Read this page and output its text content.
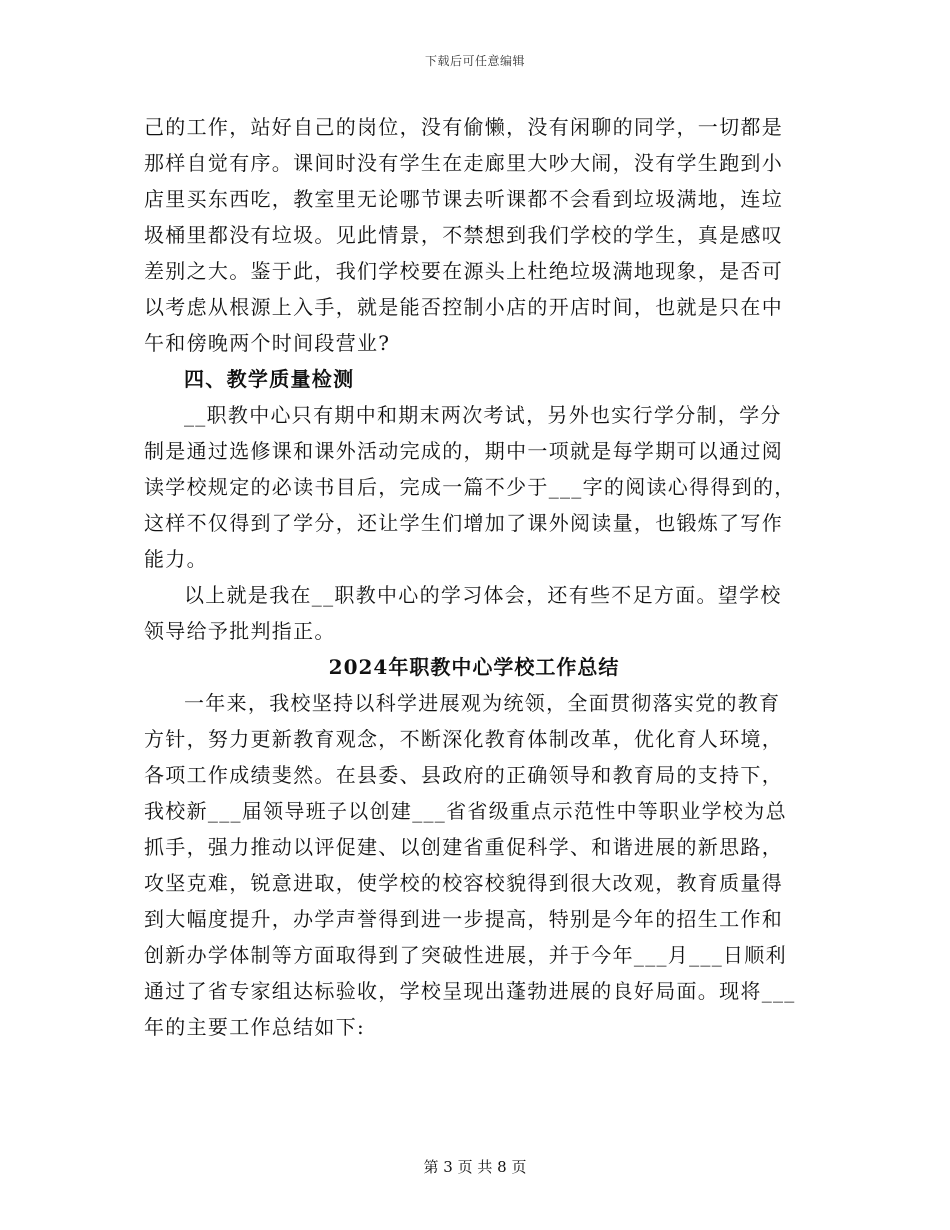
下载后可任意编辑
己的工作，站好自己的岗位，没有偷懒，没有闲聊的同学，一切都是
那样自觉有序。课间时没有学生在走廊里大吵大闹，没有学生跑到小
店里买东西吃，教室里无论哪节课去听课都不会看到垃圾满地，连垃
圾桶里都没有垃圾。见此情景，不禁想到我们学校的学生，真是感叹
差别之大。鉴于此，我们学校要在源头上杜绝垃圾满地现象，是否可
以考虑从根源上入手，就是能否控制小店的开店时间，也就是只在中
午和傍晚两个时间段营业?
四、教学质量检测
__职教中心只有期中和期末两次考试，另外也实行学分制，学分
制是通过选修课和课外活动完成的，期中一项就是每学期可以通过阅
读学校规定的必读书目后，完成一篇不少于___字的阅读心得得到的，
这样不仅得到了学分，还让学生们增加了课外阅读量，也锻炼了写作
能力。
以上就是我在__职教中心的学习体会，还有些不足方面。望学校
领导给予批判指正。
2024年职教中心学校工作总结
一年来，我校坚持以科学进展观为统领，全面贯彻落实党的教育
方针，努力更新教育观念，不断深化教育体制改革，优化育人环境，
各项工作成绩斐然。在县委、县政府的正确领导和教育局的支持下，
我校新___届领导班子以创建___省省级重点示范性中等职业学校为总
抓手，强力推动以评促建、以创建省重促科学、和谐进展的新思路，
攻坚克难，锐意进取，使学校的校容校貌得到很大改观，教育质量得
到大幅度提升，办学声誉得到进一步提高，特别是今年的招生工作和
创新办学体制等方面取得到了突破性进展，并于今年___月___日顺利
通过了省专家组达标验收，学校呈现出蓬勃进展的良好局面。现将___
年的主要工作总结如下:
第 3 页 共 8 页
